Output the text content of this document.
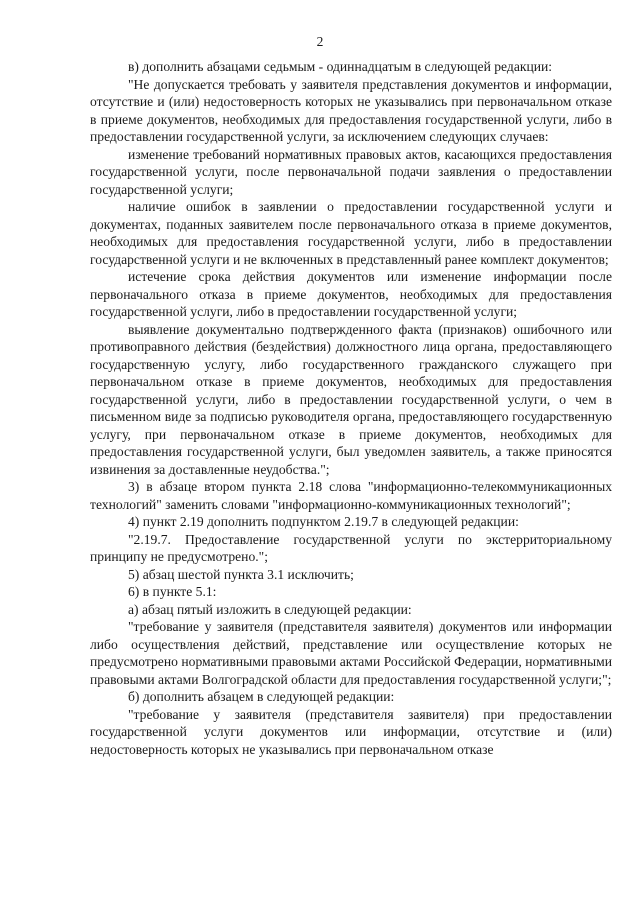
2

в) дополнить абзацами седьмым - одиннадцатым в следующей редакции:

"Не допускается требовать у заявителя представления документов и информации, отсутствие и (или) недостоверность которых не указывались при первоначальном отказе в приеме документов, необходимых для предоставления государственной услуги, либо в предоставлении государственной услуги, за исключением следующих случаев:

изменение требований нормативных правовых актов, касающихся предоставления государственной услуги, после первоначальной подачи заявления о предоставлении государственной услуги;

наличие ошибок в заявлении о предоставлении государственной услуги и документах, поданных заявителем после первоначального отказа в приеме документов, необходимых для предоставления государственной услуги, либо в предоставлении государственной услуги и не включенных в представленный ранее комплект документов;

истечение срока действия документов или изменение информации после первоначального отказа в приеме документов, необходимых для предоставления государственной услуги, либо в предоставлении государственной услуги;

выявление документально подтвержденного факта (признаков) ошибочного или противоправного действия (бездействия) должностного лица органа, предоставляющего государственную услугу, либо государственного гражданского служащего при первоначальном отказе в приеме документов, необходимых для предоставления государственной услуги, либо в предоставлении государственной услуги, о чем в письменном виде за подписью руководителя органа, предоставляющего государственную услугу, при первоначальном отказе в приеме документов, необходимых для предоставления государственной услуги, был уведомлен заявитель, а также приносятся извинения за доставленные неудобства.";

3) в абзаце втором пункта 2.18 слова "информационно-телекоммуникационных технологий" заменить словами "информационно-коммуникационных технологий";

4) пункт 2.19 дополнить подпунктом 2.19.7 в следующей редакции:

"2.19.7. Предоставление государственной услуги по экстерриториальному принципу не предусмотрено.";

5) абзац шестой пункта 3.1 исключить;

6) в пункте 5.1:

а) абзац пятый изложить в следующей редакции:

"требование у заявителя (представителя заявителя) документов или информации либо осуществления действий, представление или осуществление которых не предусмотрено нормативными правовыми актами Российской Федерации, нормативными правовыми актами Волгоградской области для предоставления государственной услуги;";

б) дополнить абзацем в следующей редакции:

"требование у заявителя (представителя заявителя) при предоставлении государственной услуги документов или информации, отсутствие и (или) недостоверность которых не указывались при первоначальном отказе
